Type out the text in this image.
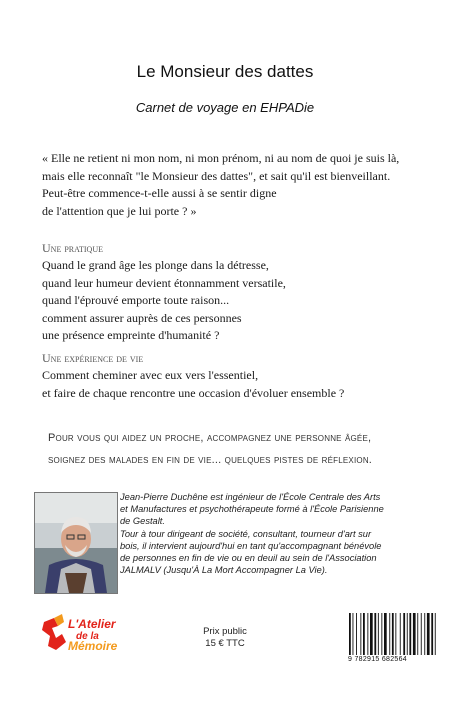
Le Monsieur des dattes
Carnet de voyage en EHPADie
« Elle ne retient ni mon nom, ni mon prénom, ni au nom de quoi je suis là,
mais elle reconnaît "le Monsieur des dattes", et sait qu'il est bienveillant.
Peut-être commence-t-elle aussi à se sentir digne
de l'attention que je lui porte ? »
Une pratique
Quand le grand âge les plonge dans la détresse,
quand leur humeur devient étonnamment versatile,
quand l'éprouvé emporte toute raison...
comment assurer auprès de ces personnes
une présence empreinte d'humanité ?
Une expérience de vie
Comment cheminer avec eux vers l'essentiel,
et faire de chaque rencontre une occasion d'évoluer ensemble ?
Pour vous qui aidez un proche, accompagnez une personne âgée,
soignez des malades en fin de vie... quelques pistes de réflexion.
Jean-Pierre Duchêne est ingénieur de l'École Centrale des Arts
et Manufactures et psychothérapeute formé à l'École Parisienne
de Gestalt.
Tour à tour dirigeant de société, consultant, tourneur d'art sur
bois, il intervient aujourd'hui en tant qu'accompagnant bénévole
de personnes en fin de vie ou en deuil au sein de l'Association
JALMALV (Jusqu'À La Mort Accompagner La Vie).
L'Atelier
de la
Mémoire
Prix public
15 € TTC
9 782915 682564
